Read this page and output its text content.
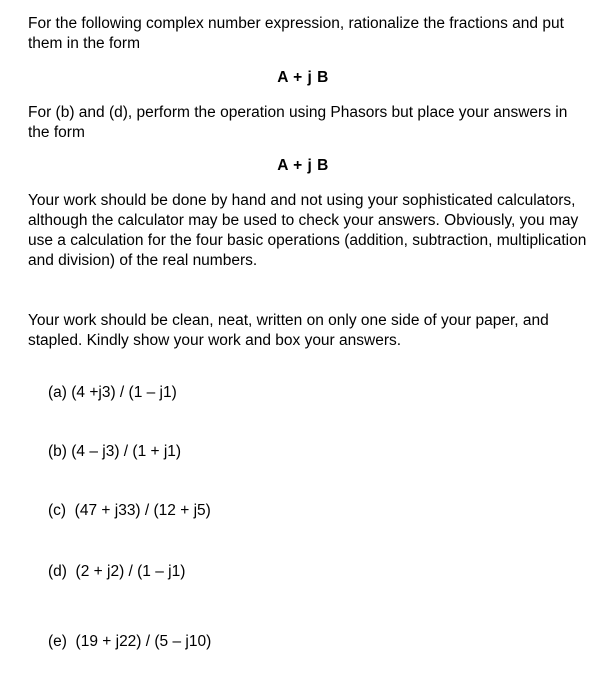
For the following complex number expression, rationalize the fractions and put them in the form

A + j B

For (b) and (d), perform the operation using Phasors but place your answers in the form

A + j B

Your work should be done by hand and not using your sophisticated calculators, although the calculator may be used to check your answers. Obviously, you may use a calculation for the four basic operations (addition, subtraction, multiplication and division) of the real numbers.

Your work should be clean, neat, written on only one side of your paper, and stapled. Kindly show your work and box your answers.

(a) (4 +j3) / (1 – j1)
(b) (4 – j3) / (1 + j1)
(c)  (47 + j33) / (12 + j5)
(d)  (2 + j2) / (1 – j1)
(e)  (19 + j22) / (5 – j10)
